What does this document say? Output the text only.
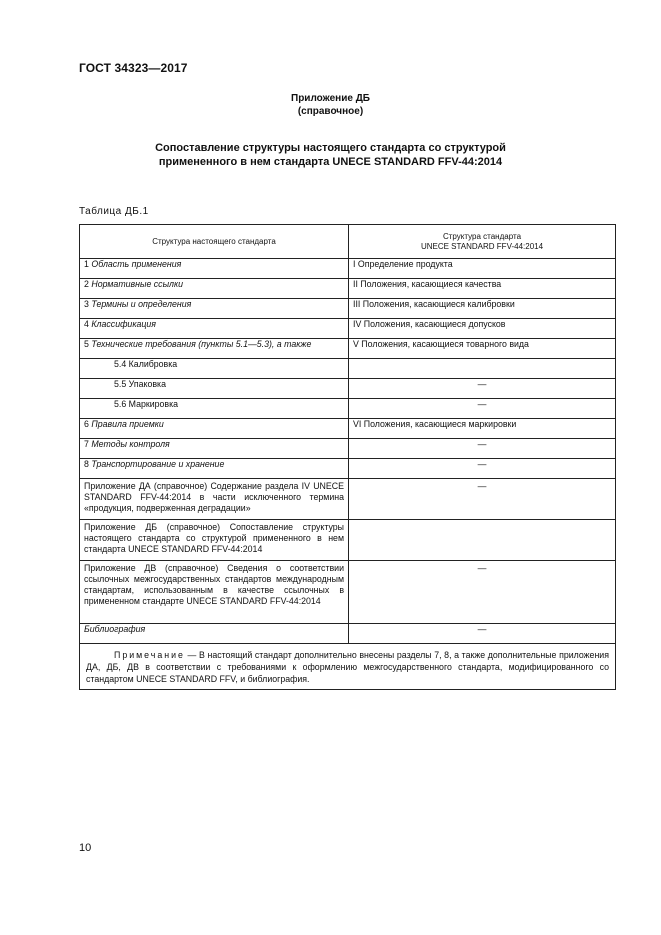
ГОСТ 34323—2017
Приложение ДБ
(справочное)
Сопоставление структуры настоящего стандарта со структурой
примененного в нем стандарта UNECE STANDARD FFV-44:2014
Таблица ДБ.1
Структура настоящего стандарта	Структура стандарта
UNECE STANDARD FFV-44:2014

1 Область применения	I Определение продукта
2 Нормативные ссылки	II Положения, касающиеся качества
3 Термины и определения	III Положения, касающиеся калибровки
4 Классификация	IV Положения, касающиеся допусков
5 Технические требования (пункты 5.1—5.3), а также	V Положения, касающиеся товарного вида
5.4 Калибровка	
5.5 Упаковка	—
5.6 Маркировка	—
6 Правила приемки	VI Положения, касающиеся маркировки
7 Методы контроля	—
8 Транспортирование и хранение	—
Приложение ДА (справочное) Содержание раздела IV UNECE STANDARD FFV-44:2014 в части исключенного термина «продукция, подверженная деградации»	—
Приложение ДБ (справочное) Сопоставление структуры настоящего стандарта со структурой примененного в нем стандарта UNECE STANDARD FFV-44:2014	
Приложение ДВ (справочное) Сведения о соответствии ссылочных межгосударственных стандартов международным стандартам, использованным в качестве ссылочных в примененном стандарте UNECE STANDARD FFV-44:2014	—
Библиография	—
Примечание — В настоящий стандарт дополнительно внесены разделы 7, 8, а также дополнительные приложения ДА, ДБ, ДВ в соответствии с требованиями к оформлению межгосударственного стандарта, модифицированного со стандартом UNECE STANDARD FFV, и библиография.	
10
